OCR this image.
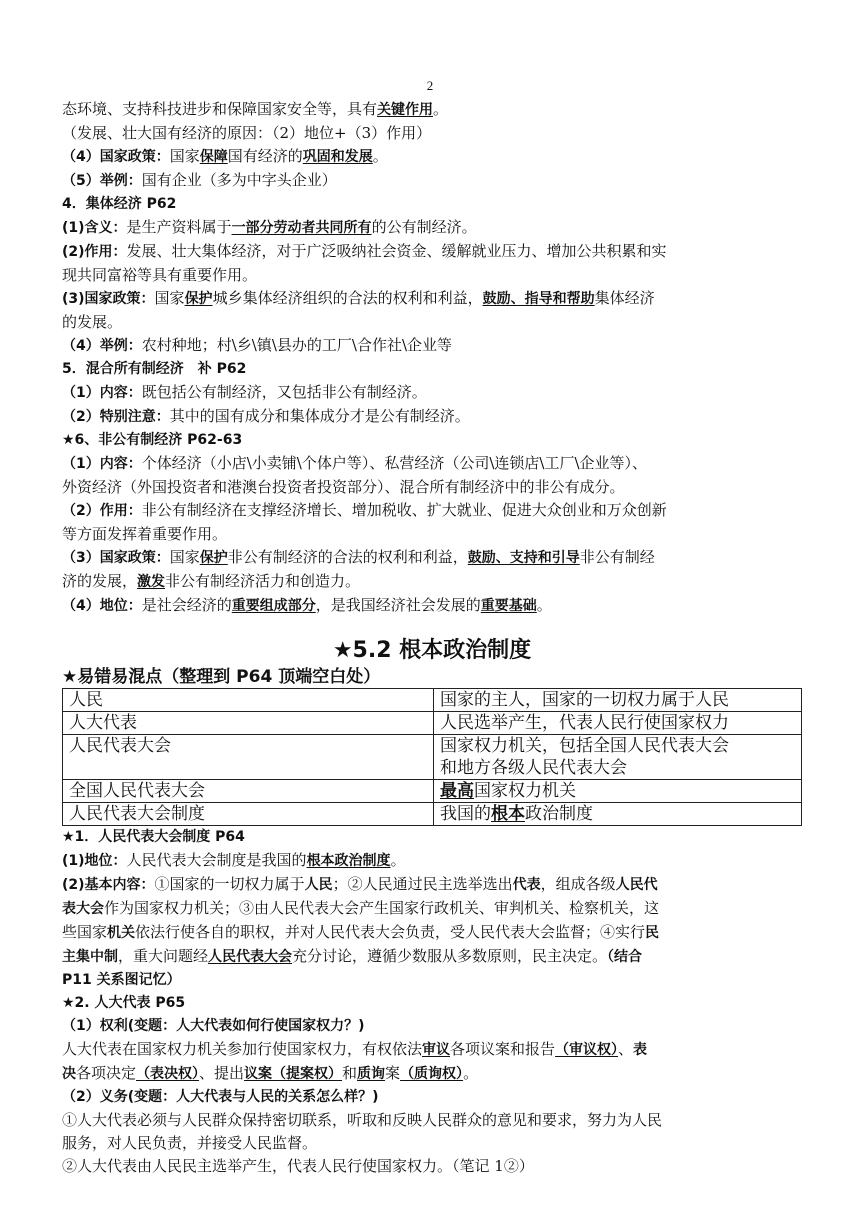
2
态环境、支持科技进步和保障国家安全等，具有关键作用。
（发展、壮大国有经济的原因：（2）地位+（3）作用）
（4）国家政策：国家保障国有经济的巩固和发展。
（5）举例：国有企业（多为中字头企业）
4．集体经济 P62
(1)含义：是生产资料属于一部分劳动者共同所有的公有制经济。
(2)作用：发展、壮大集体经济，对于广泛吸纳社会资金、缓解就业压力、增加公共积累和实
现共同富裕等具有重要作用。
(3)国家政策：国家保护城乡集体经济组织的合法的权利和利益，鼓励、指导和帮助集体经济
的发展。
（4）举例：农村种地；村\乡\镇\县办的工厂\合作社\企业等
5．混合所有制经济　补 P62
（1）内容：既包括公有制经济，又包括非公有制经济。
（2）特别注意：其中的国有成分和集体成分才是公有制经济。
★6、非公有制经济 P62-63
（1）内容：个体经济（小店\小卖铺\个体户等）、私营经济（公司\连锁店\工厂\企业等）、
外资经济（外国投资者和港澳台投资者投资部分）、混合所有制经济中的非公有成分。
（2）作用：非公有制经济在支撑经济增长、增加税收、扩大就业、促进大众创业和万众创新
等方面发挥着重要作用。
（3）国家政策：国家保护非公有制经济的合法的权利和利益，鼓励、支持和引导非公有制经
济的发展，激发非公有制经济活力和创造力。
（4）地位：是社会经济的重要组成部分，是我国经济社会发展的重要基础。
★5.2 根本政治制度
★易错易混点（整理到 P64 顶端空白处）
人民	国家的主人，国家的一切权力属于人民
人大代表	人民选举产生，代表人民行使国家权力
人民代表大会	国家权力机关，包括全国人民代表大会
和地方各级人民代表大会

全国人民代表大会	最高国家权力机关
人民代表大会制度	我国的根本政治制度
★1．人民代表大会制度 P64
(1)地位：人民代表大会制度是我国的根本政治制度。
(2)基本内容：①国家的一切权力属于人民；②人民通过民主选举选出代表，组成各级人民代
表大会作为国家权力机关；③由人民代表大会产生国家行政机关、审判机关、检察机关，这
些国家机关依法行使各自的职权，并对人民代表大会负责，受人民代表大会监督；④实行民
主集中制，重大问题经人民代表大会充分讨论，遵循少数服从多数原则，民主决定。（结合
P11 关系图记忆）
★2. 人大代表 P65
（1）权利(变题：人大代表如何行使国家权力？)
人大代表在国家权力机关参加行使国家权力，有权依法审议各项议案和报告（审议权）、表
决各项决定（表决权）、提出议案（提案权）和质询案（质询权）。
（2）义务(变题：人大代表与人民的关系怎么样？)
①人大代表必须与人民群众保持密切联系，听取和反映人民群众的意见和要求，努力为人民
服务，对人民负责，并接受人民监督。
②人大代表由人民民主选举产生，代表人民行使国家权力。（笔记 1②）
